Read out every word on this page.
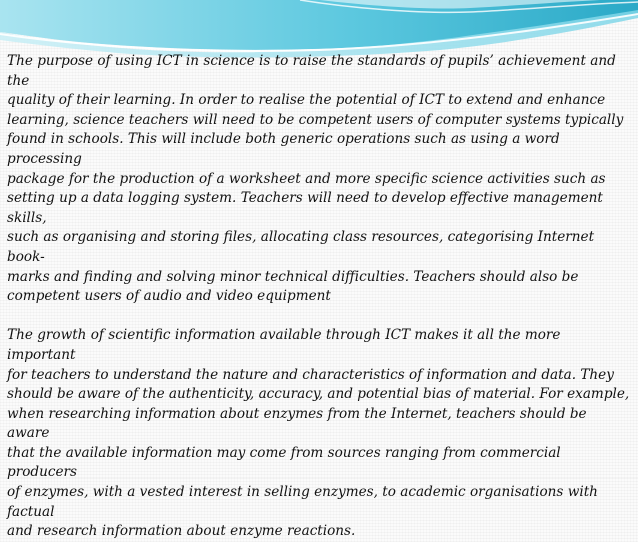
The purpose of using ICT in science is to raise the standards of pupils’ achievement and the
quality of their learning. In order to realise the potential of ICT to extend and enhance
learning, science teachers will need to be competent users of computer systems typically
found in schools. This will include both generic operations such as using a word processing
package for the production of a worksheet and more specific science activities such as
setting up a data logging system. Teachers will need to develop effective management skills,
such as organising and storing files, allocating class resources, categorising Internet book-
marks and finding and solving minor technical difficulties. Teachers should also be
competent users of audio and video equipment

The growth of scientific information available through ICT makes it all the more important
for teachers to understand the nature and characteristics of information and data. They
should be aware of the authenticity, accuracy, and potential bias of material. For example,
when researching information about enzymes from the Internet, teachers should be aware
that the available information may come from sources ranging from commercial producers
of enzymes, with a vested interest in selling enzymes, to academic organisations with factual
and research information about enzyme reactions.
